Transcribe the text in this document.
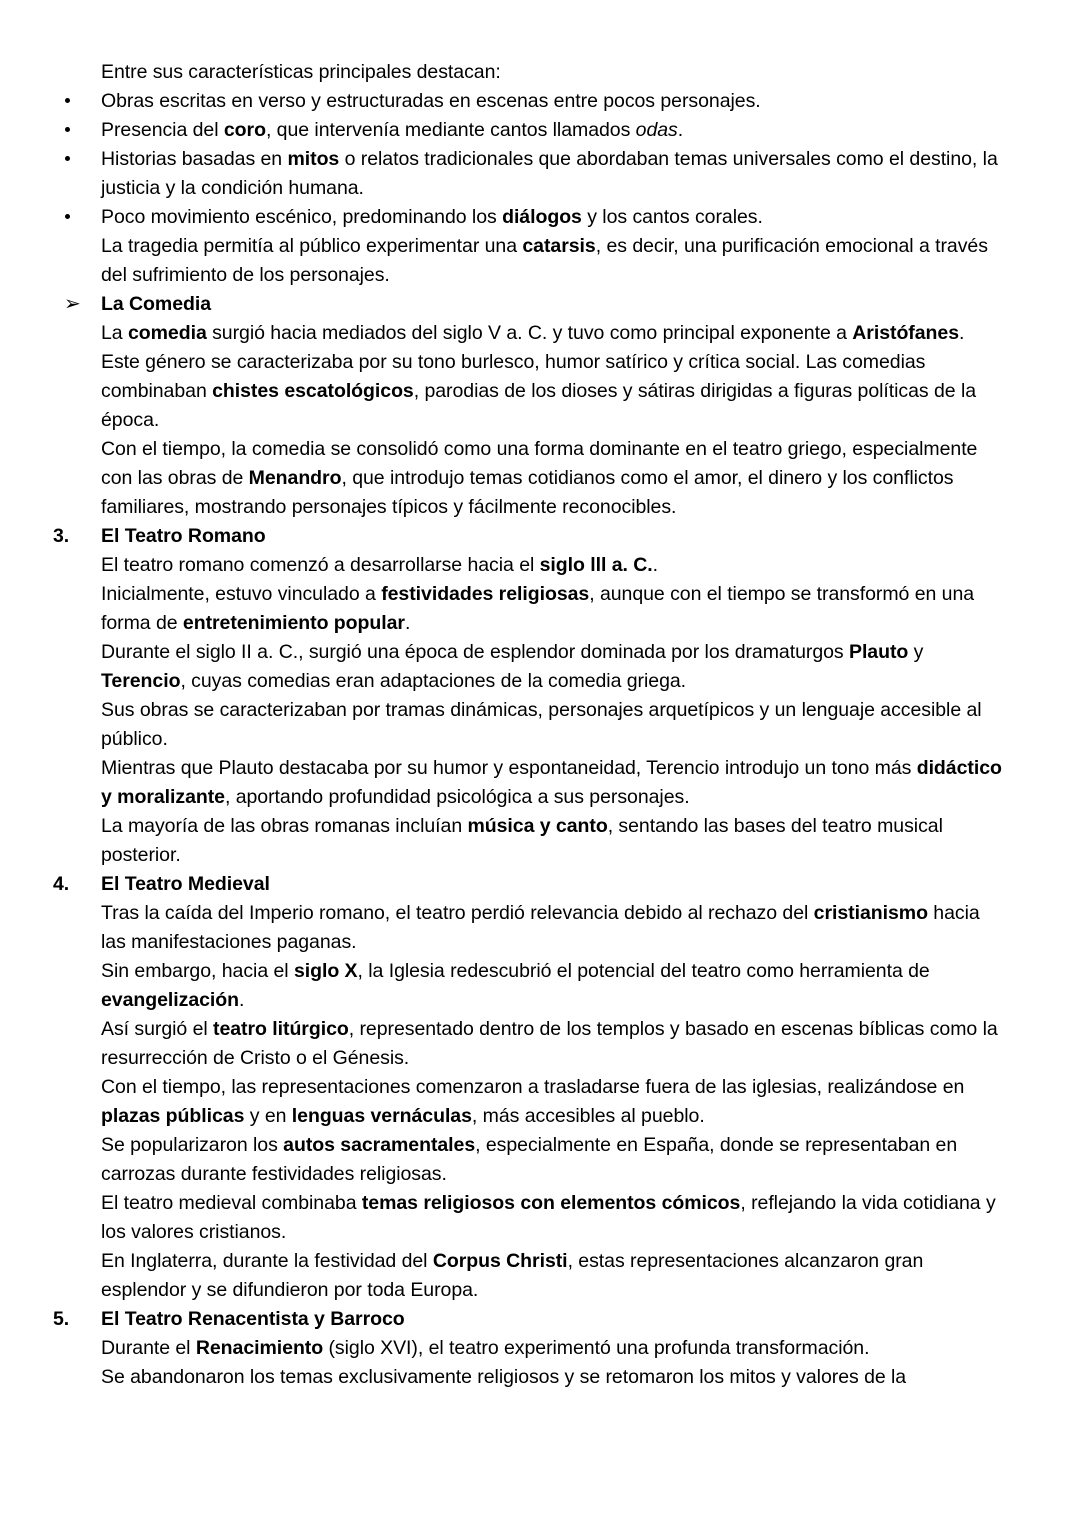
Entre sus características principales destacan:
Obras escritas en verso y estructuradas en escenas entre pocos personajes.
Presencia del coro, que intervenía mediante cantos llamados odas.
Historias basadas en mitos o relatos tradicionales que abordaban temas universales como el destino, la justicia y la condición humana.
Poco movimiento escénico, predominando los diálogos y los cantos corales.
La tragedia permitía al público experimentar una catarsis, es decir, una purificación emocional a través del sufrimiento de los personajes.
➢ La Comedia
La comedia surgió hacia mediados del siglo V a. C. y tuvo como principal exponente a Aristófanes.
Este género se caracterizaba por su tono burlesco, humor satírico y crítica social. Las comedias combinaban chistes escatológicos, parodias de los dioses y sátiras dirigidas a figuras políticas de la época.
Con el tiempo, la comedia se consolidó como una forma dominante en el teatro griego, especialmente con las obras de Menandro, que introdujo temas cotidianos como el amor, el dinero y los conflictos familiares, mostrando personajes típicos y fácilmente reconocibles.
3.	El Teatro Romano
El teatro romano comenzó a desarrollarse hacia el siglo lll a. C..
Inicialmente, estuvo vinculado a festividades religiosas, aunque con el tiempo se transformó en una forma de entretenimiento popular.
Durante el siglo II a. C., surgió una época de esplendor dominada por los dramaturgos Plauto y Terencio, cuyas comedias eran adaptaciones de la comedia griega.
Sus obras se caracterizaban por tramas dinámicas, personajes arquetípicos y un lenguaje accesible al público.
Mientras que Plauto destacaba por su humor y espontaneidad, Terencio introdujo un tono más didáctico y moralizante, aportando profundidad psicológica a sus personajes.
La mayoría de las obras romanas incluían música y canto, sentando las bases del teatro musical posterior.
4.	El Teatro Medieval
Tras la caída del Imperio romano, el teatro perdió relevancia debido al rechazo del cristianismo hacia las manifestaciones paganas.
Sin embargo, hacia el siglo X, la Iglesia redescubrió el potencial del teatro como herramienta de evangelización.
Así surgió el teatro litúrgico, representado dentro de los templos y basado en escenas bíblicas como la resurrección de Cristo o el Génesis.
Con el tiempo, las representaciones comenzaron a trasladarse fuera de las iglesias, realizándose en plazas públicas y en lenguas vernáculas, más accesibles al pueblo.
Se popularizaron los autos sacramentales, especialmente en España, donde se representaban en carrozas durante festividades religiosas.
El teatro medieval combinaba temas religiosos con elementos cómicos, reflejando la vida cotidiana y los valores cristianos.
En Inglaterra, durante la festividad del Corpus Christi, estas representaciones alcanzaron gran esplendor y se difundieron por toda Europa.
5.	El Teatro Renacentista y Barroco
Durante el Renacimiento (siglo XVI), el teatro experimentó una profunda transformación.
Se abandonaron los temas exclusivamente religiosos y se retomaron los mitos y valores de la
